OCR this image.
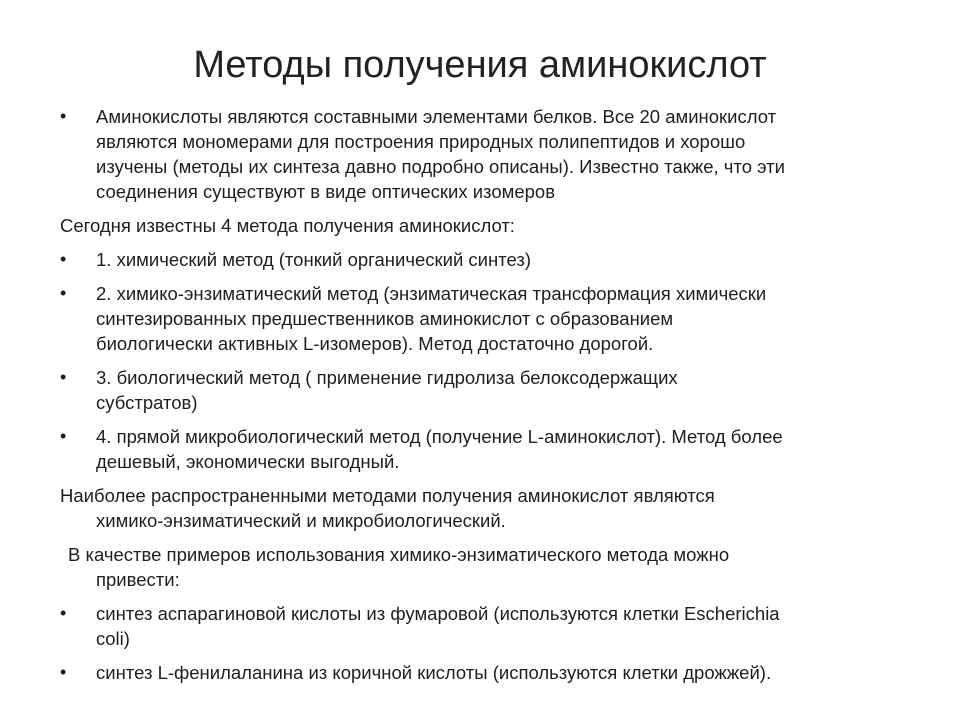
Методы получения аминокислот
•	Аминокислоты являются составными элементами белков. Все 20 аминокислот
являются мономерами для построения природных полипептидов и хорошо
изучены (методы их синтеза давно подробно описаны). Известно также, что эти
соединения существуют в виде оптических изомеров
Сегодня известны 4 метода получения аминокислот:
•	1. химический метод (тонкий органический синтез)
•	2. химико-энзиматический метод (энзиматическая трансформация химически
синтезированных предшественников аминокислот с образованием
биологически активных L-изомеров). Метод достаточно дорогой.
•	3. биологический метод ( применение гидролиза белоксодержащих
субстратов)
•	4. прямой микробиологический метод (получение L-аминокислот). Метод более
дешевый, экономически выгодный.
Наиболее распространенными методами получения аминокислот являются
химико-энзиматический и микробиологический.
В качестве примеров использования химико-энзиматического метода можно
привести:
•	синтез аспарагиновой кислоты из фумаровой (используются клетки Escherichia
coli)
•	синтез L-фенилаланина из коричной кислоты (используются клетки дрожжей).
